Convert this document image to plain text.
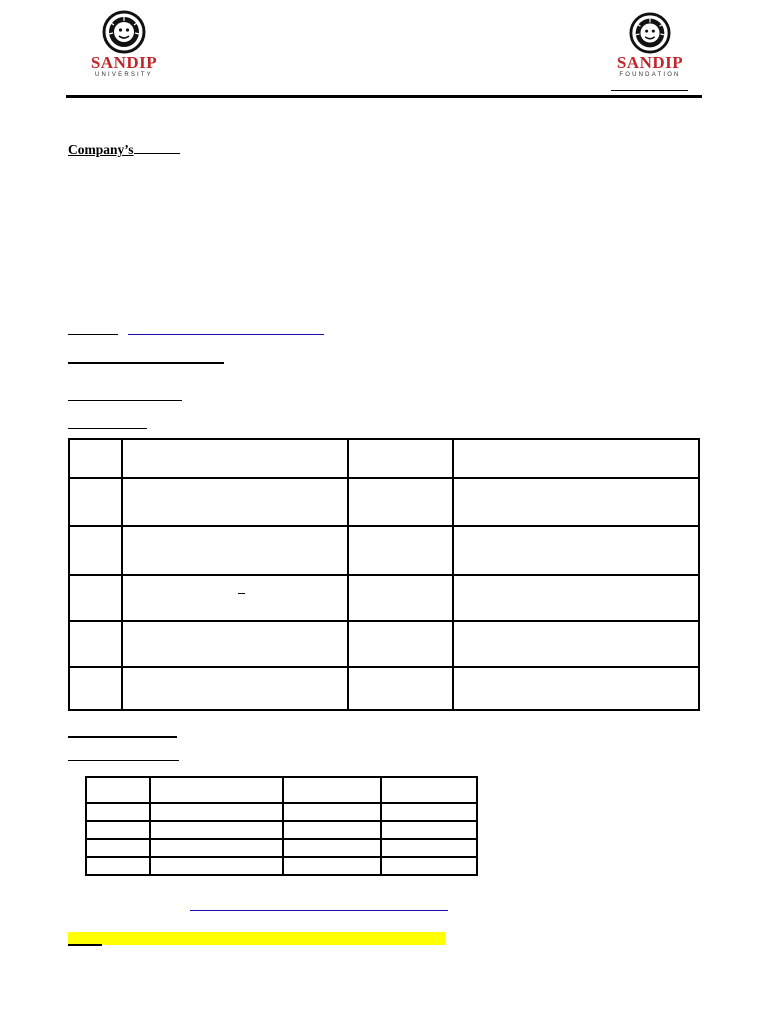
SANDIP
UNIVERSITY
SANDIP
FOUNDATION
Company’s
